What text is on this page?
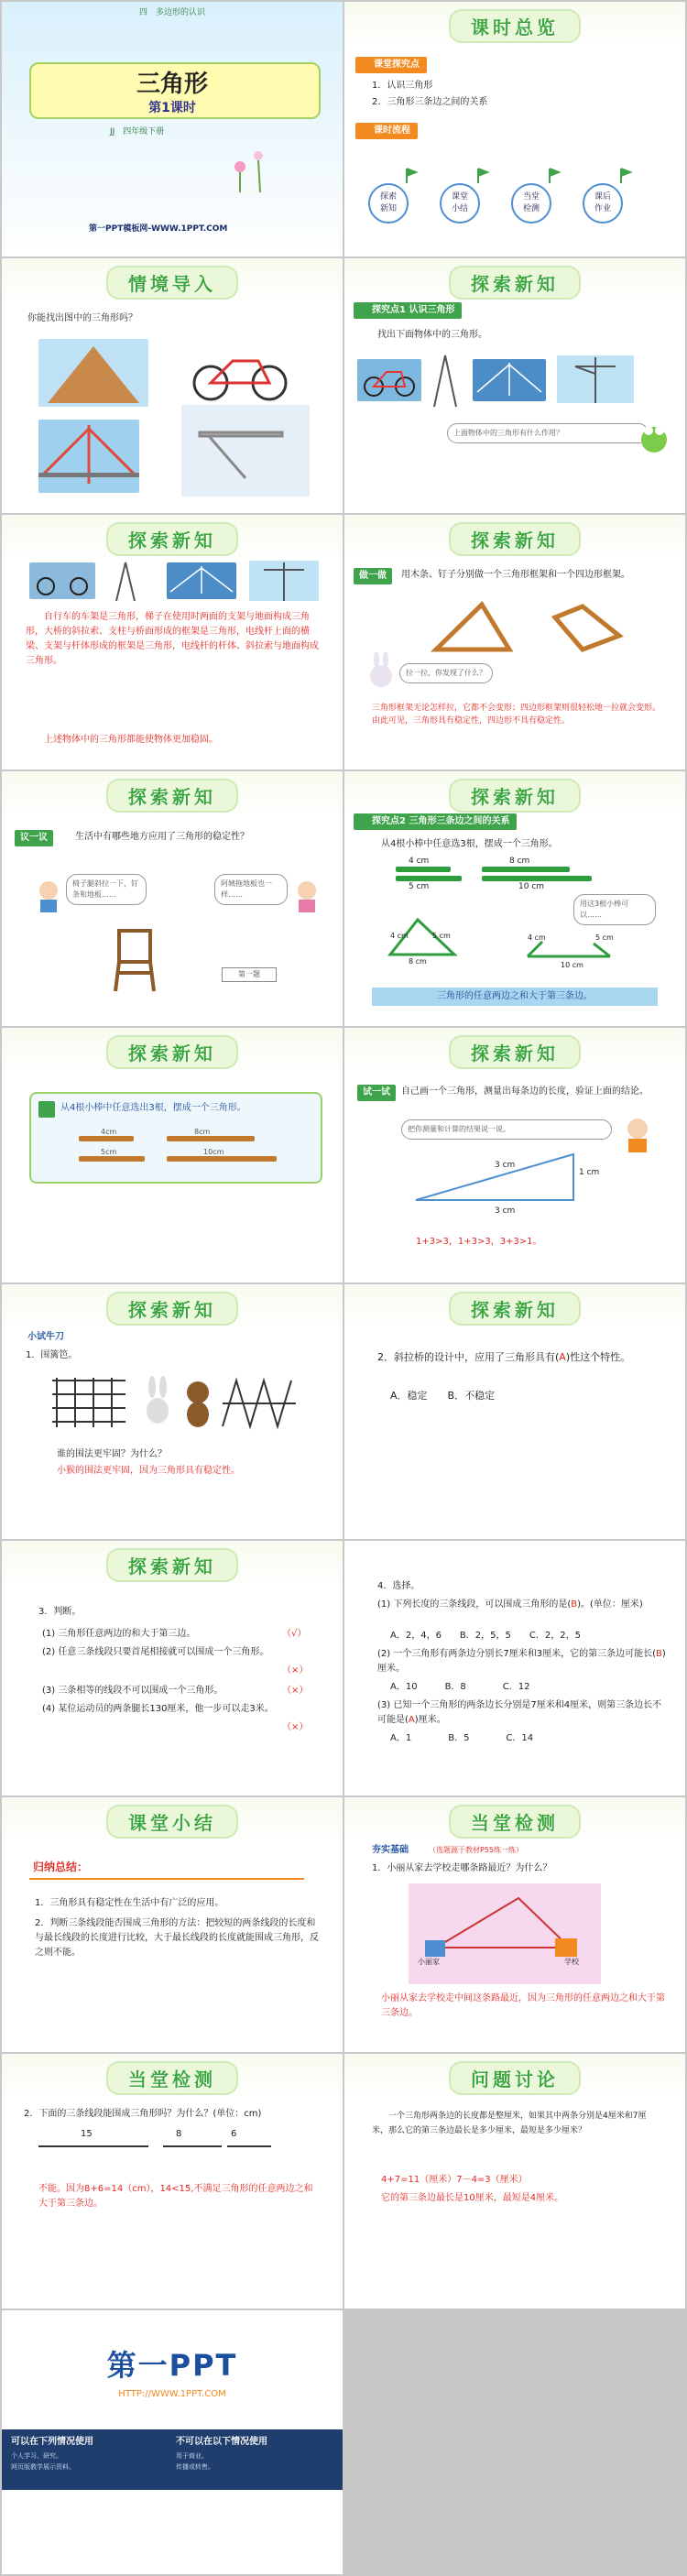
四　多边形的认识
三角形
第1课时
JJ　四年级下册
第一PPT模板网-WWW.1PPT.COM
课时总览
课堂探究点
1．认识三角形
2．三角形三条边之间的关系
课时流程
探索
新知
课堂
小结
当堂
检测
课后
作业
情境导入
你能找出图中的三角形吗？
探索新知
探究点1 认识三角形
找出下面物体中的三角形。
上面物体中的三角形有什么作用？
探索新知
自行车的车架是三角形，梯子在使用时两面的支架与地面构成三角形，大桥的斜拉索、支柱与桥面形成的框架是三角形，电线杆上面的横梁、支架与杆体形成的框架是三角形，电线杆的杆体、斜拉索与地面构成三角形。
上述物体中的三角形都能使物体更加稳固。
探索新知
做一做	用木条、钉子分别做一个三角形框架和一个四边形框架。
拉一拉，你发现了什么？
三角形框架无论怎样拉，它都不会变形；四边形框架则很轻松地一拉就会变形。由此可见，三角形具有稳定性，四边形不具有稳定性。
探索新知
议一议	生活中有哪些地方应用了三角形的稳定性？
椅子腿斜拉一下，钉条和地板……
阿姨拖地板也一样……
第一题
探索新知
探究点2 三角形三条边之间的关系
从4根小棒中任意选3根，摆成一个三角形。
4 cm	8 cm
5 cm	10 cm
4 cm	5 cm
8 cm
4 cm	5 cm
10 cm
用这3根小棒可以……
三角形的任意两边之和大于第三条边。
探索新知
从4根小棒中任意选出3根，摆成一个三角形。
4cm	8cm
5cm	10cm
探索新知
试一试	自己画一个三角形，测量出每条边的长度，验证上面的结论。
把你测量和计算的结果说一说。
3 cm
1 cm
3 cm
1+3>3，1+3>3，3+3>1。
探索新知
小试牛刀
1．围篱笆。
谁的围法更牢固？为什么？
小猴的围法更牢固，因为三角形具有稳定性。
探索新知
2．斜拉桥的设计中，应用了三角形具有(A)性这个特性。
A．稳定　　B．不稳定
探索新知
3．判断。
(1) 三角形任意两边的和大于第三边。	（√）
(2) 任意三条线段只要首尾相接就可以围成一个三角形。
（×）
(3) 三条相等的线段不可以围成一个三角形。	（×）
(4) 某位运动员的两条腿长130厘米，他一步可以走3米。
（×）
4．选择。
(1) 下列长度的三条线段，可以围成三角形的是(B)。(单位：厘米)
A．2，4，6　　B．2，5，5　　C．2，2，5
(2) 一个三角形有两条边分别长7厘米和3厘米，它的第三条边可能长(B)厘米。
A．10　　　B．8　　　　C．12
(3) 已知一个三角形的两条边长分别是7厘米和4厘米，则第三条边长不可能是(A)厘米。
A．1　　　　B．5　　　　C．14
课堂小结
归纳总结：
1．三角形具有稳定性在生活中有广泛的应用。
2．判断三条线段能否围成三角形的方法：把较短的两条线段的长度和与最长线段的长度进行比较，大于最长线段的长度就能围成三角形，反之则不能。
当堂检测
夯实基础	（选题源于教材P55练一练）
1．小丽从家去学校走哪条路最近？为什么？
学校
小丽家
小丽从家去学校走中间这条路最近，因为三角形的任意两边之和大于第三条边。
当堂检测
2．下面的三条线段能围成三角形吗？为什么？(单位：cm)
15	8	6
不能。因为8+6=14（cm），14<15,不满足三角形的任意两边之和大于第三条边。
问题讨论
一个三角形两条边的长度都是整厘米，如果其中两条分别是4厘米和7厘米，那么它的第三条边最长是多少厘米，最短是多少厘米？
4+7=11（厘米）7－4=3（厘米）
它的第三条边最长是10厘米，最短是4厘米。
第一PPT
HTTP://WWW.1PPT.COM
可以在下列情况使用
个人学习、研究。
网页版教学展示资料。
不可以在以下情况使用
用于商业。
传播或转售。
